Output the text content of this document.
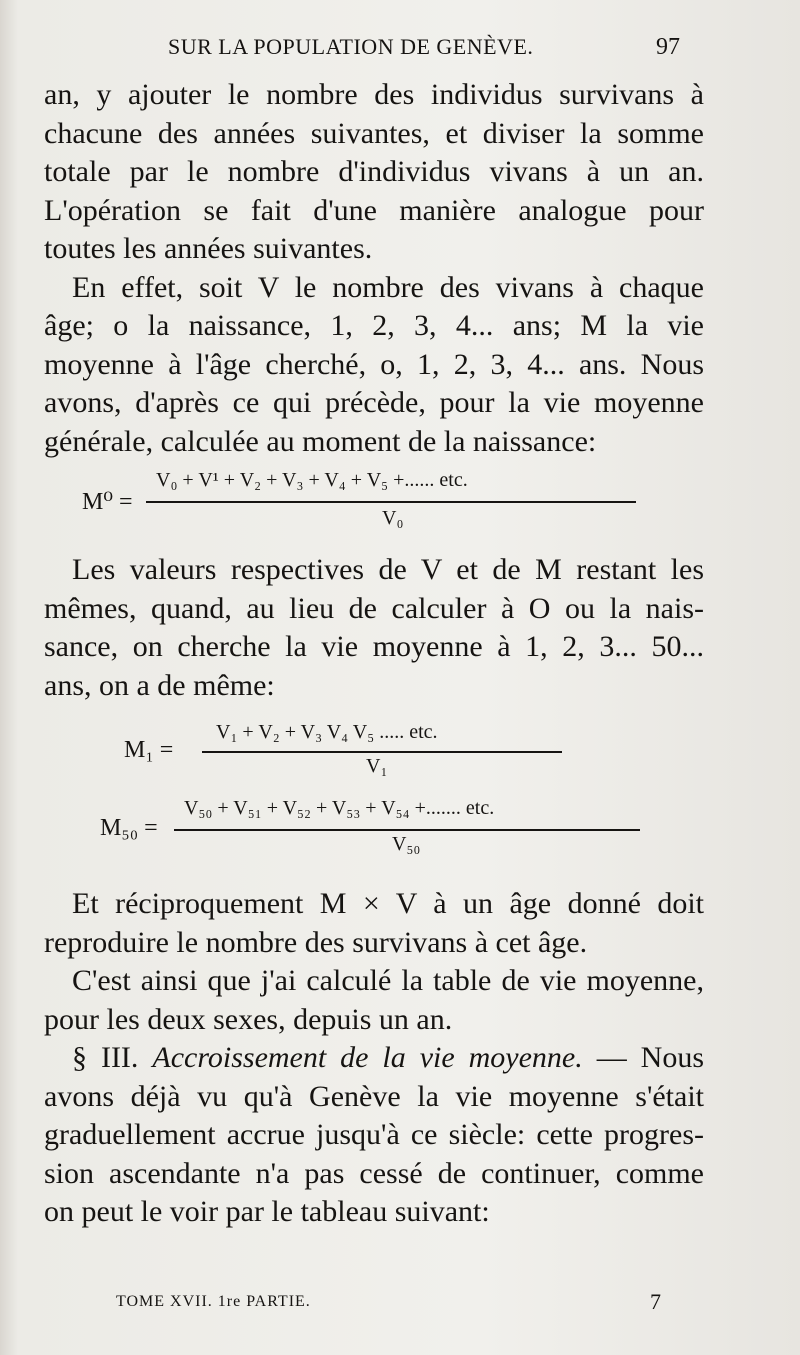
SUR LA POPULATION DE GENÈVE.	97
an, y ajouter le nombre des individus survivans à
chacune des années suivantes, et diviser la somme
totale par le nombre d'individus vivans à un an.
L'opération se fait d'une manière analogue pour
toutes les années suivantes.
En effet, soit V le nombre des vivans à chaque
âge; o la naissance, 1, 2, 3, 4... ans; M la vie
moyenne à l'âge cherché, o, 1, 2, 3, 4... ans. Nous
avons, d'après ce qui précède, pour la vie moyenne
générale, calculée au moment de la naissance:
M⁰ =
V₀ + V¹ + V₂ + V₃ + V₄ + V₅ +...... etc.
V₀
Les valeurs respectives de V et de M restant les
mêmes, quand, au lieu de calculer à O ou la nais-
sance, on cherche la vie moyenne à 1, 2, 3... 50...
ans, on a de même:
M₁ =
V₁ + V₂ + V₃ V₄ V₅ ..... etc.
V₁
M₅₀ =
V₅₀ + V₅₁ + V₅₂ + V₅₃ + V₅₄ +....... etc.
V₅₀
Et réciproquement M × V à un âge donné doit
reproduire le nombre des survivans à cet âge.
C'est ainsi que j'ai calculé la table de vie moyenne,
pour les deux sexes, depuis un an.
§ III. Accroissement de la vie moyenne. — Nous
avons déjà vu qu'à Genève la vie moyenne s'était
graduellement accrue jusqu'à ce siècle: cette progres-
sion ascendante n'a pas cessé de continuer, comme
on peut le voir par le tableau suivant:
TOME XVII. 1re PARTIE.	7
